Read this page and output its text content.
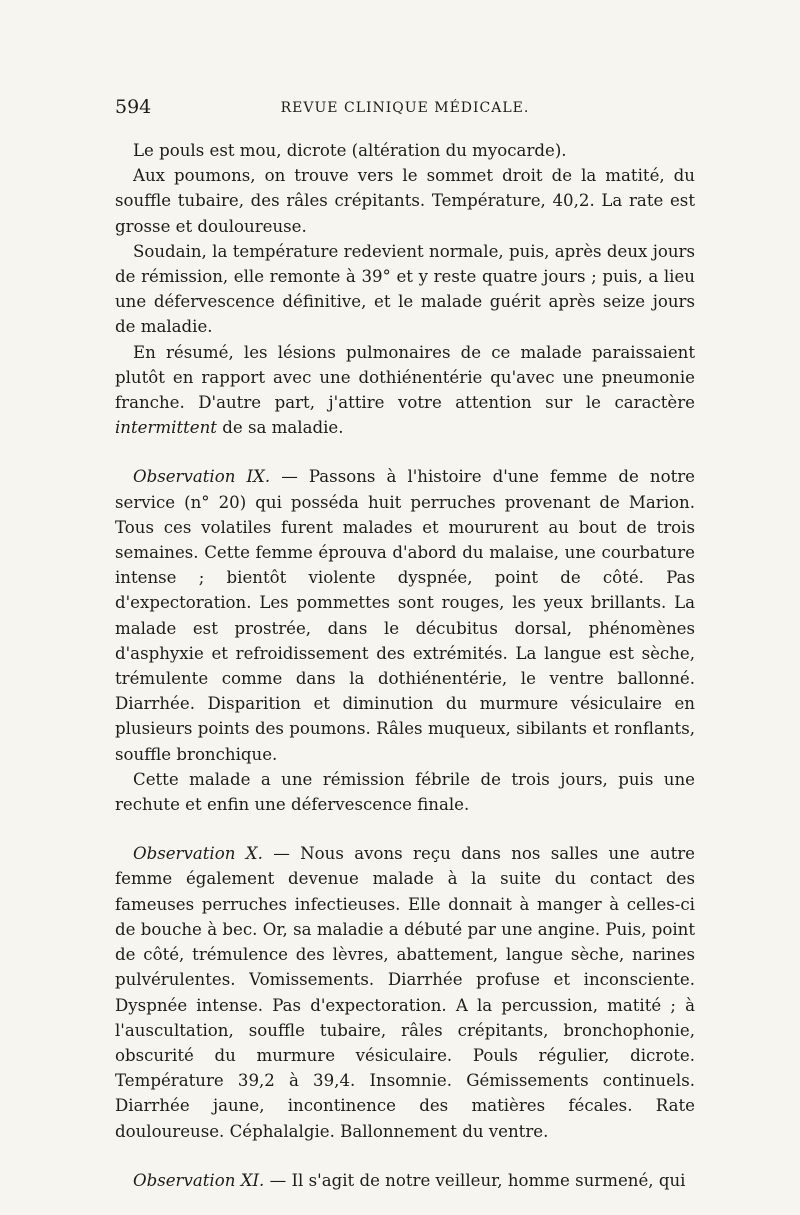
594	REVUE CLINIQUE MÉDICALE.

Le pouls est mou, dicrote (altération du myocarde).

Aux poumons, on trouve vers le sommet droit de la matité, du souffle tubaire, des râles crépitants. Température, 40,2. La rate est grosse et douloureuse.

Soudain, la température redevient normale, puis, après deux jours de rémission, elle remonte à 39° et y reste quatre jours ; puis, a lieu une défervescence définitive, et le malade guérit après seize jours de maladie.

En résumé, les lésions pulmonaires de ce malade paraissaient plutôt en rapport avec une dothiénentérie qu'avec une pneumonie franche. D'autre part, j'attire votre attention sur le caractère intermittent de sa maladie.

Observation IX. — Passons à l'histoire d'une femme de notre service (n° 20) qui posséda huit perruches provenant de Marion. Tous ces volatiles furent malades et moururent au bout de trois semaines. Cette femme éprouva d'abord du malaise, une courbature intense ; bientôt violente dyspnée, point de côté. Pas d'expectoration. Les pommettes sont rouges, les yeux brillants. La malade est prostrée, dans le décubitus dorsal, phénomènes d'asphyxie et refroidissement des extrémités. La langue est sèche, trémulente comme dans la dothiénentérie, le ventre ballonné. Diarrhée. Disparition et diminution du murmure vésiculaire en plusieurs points des poumons. Râles muqueux, sibilants et ronflants, souffle bronchique.

Cette malade a une rémission fébrile de trois jours, puis une rechute et enfin une défervescence finale.

Observation X. — Nous avons reçu dans nos salles une autre femme également devenue malade à la suite du contact des fameuses perruches infectieuses. Elle donnait à manger à celles-ci de bouche à bec. Or, sa maladie a débuté par une angine. Puis, point de côté, trémulence des lèvres, abattement, langue sèche, narines pulvérulentes. Vomissements. Diarrhée profuse et inconsciente. Dyspnée intense. Pas d'expectoration. A la percussion, matité ; à l'auscultation, souffle tubaire, râles crépitants, bronchophonie, obscurité du murmure vésiculaire. Pouls régulier, dicrote. Température 39,2 à 39,4. Insomnie. Gémissements continuels. Diarrhée jaune, incontinence des matières fécales. Rate douloureuse. Céphalalgie. Ballonnement du ventre.

Observation XI. — Il s'agit de notre veilleur, homme surmené, qui
